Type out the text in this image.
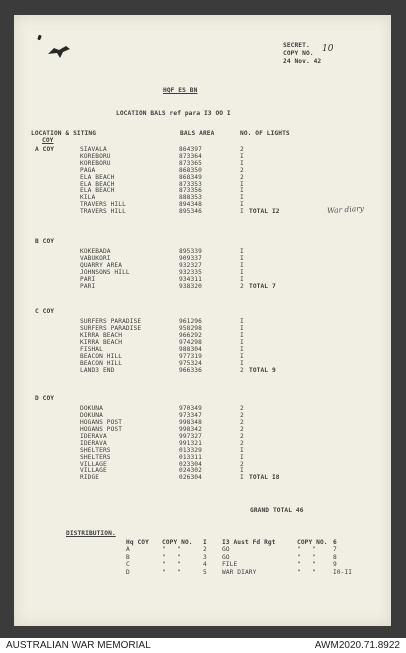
SECRET.
COPY NO. 10
24 Nov. 42
HQF ES BN
LOCATION BALS ref para I3 OO I
LOCATION & SITING
COY
BALS AREA	NO. OF LIGHTS
A COY	SIAVALA	864397	2
KOREBORU	873364	I
KOREBORU	873365	I
PAGA	868350	2
ELA BEACH	868349	2
ELA BEACH	873353	I
ELA BEACH	873356	I
KILA	888353	I
TRAVERS HILL	894348	I
TRAVERS HILL	895346	I TOTAL I2
B COY
KOKEBADA	895339	I
VABUKORI	909337	I
QUARRY AREA	932327	I
JOHNSONS HILL	932335	I
PARI	934311	I
PARI	938320	2 TOTAL 7
C COY
SURFERS PARADISE	961296	I
SURFERS PARADISE	958298	I
KIRRA BEACH	966292	I
KIRRA BEACH	974298	I
FISHAL	988304	I
BEACON HILL	977319	I
BEACON HILL	975324	I
LAND3 END	966336	2 TOTAL 9
D COY
DOKUNA	970349	2
DOKUNA	973347	2
HOGANS POST	998348	2
HOGANS POST	998342	2
IDERAVA	997327	2
IDERAVA	991321	2
SHELTERS	013329	I
SHELTERS	013311	I
VILLAGE	023304	2
VILLAGE	024302	I
RIDGE	026304	I TOTAL I8
War diary
GRAND TOTAL 46
DISTRIBUTION.
Hq COY COPY NO. I I3 Aust Fd Rgt	COPY NO. 6
A	"   "	2 GO	"   "	7
B	"   "	3 GO	"   "	8
C	"   "	4 FILE	"   "	9
D	"   "	5 WAR DIARY	"   "	I0-II
AUSTRALIAN WAR MEMORIAL	AWM2020.71.8922
